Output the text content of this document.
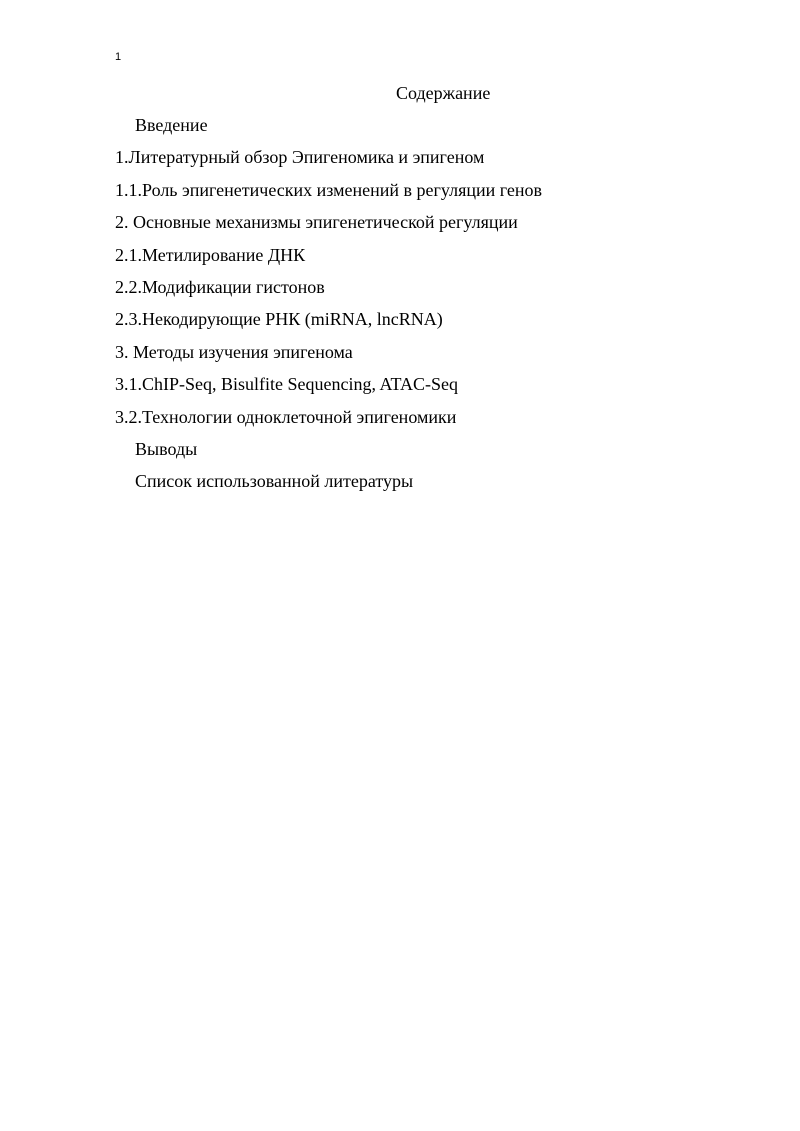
1
Содержание
Введение
1.Литературный обзор Эпигеномика и эпигеном
1.1.Роль эпигенетических изменений в регуляции генов
2. Основные механизмы эпигенетической регуляции
2.1.Метилирование ДНК
2.2.Модификации гистонов
2.3.Некодирующие РНК (miRNA, lncRNA)
3. Методы изучения эпигенома
3.1.ChIP-Seq, Bisulfite Sequencing, ATAC-Seq
3.2.Технологии одноклеточной эпигеномики
Выводы
Список использованной литературы
